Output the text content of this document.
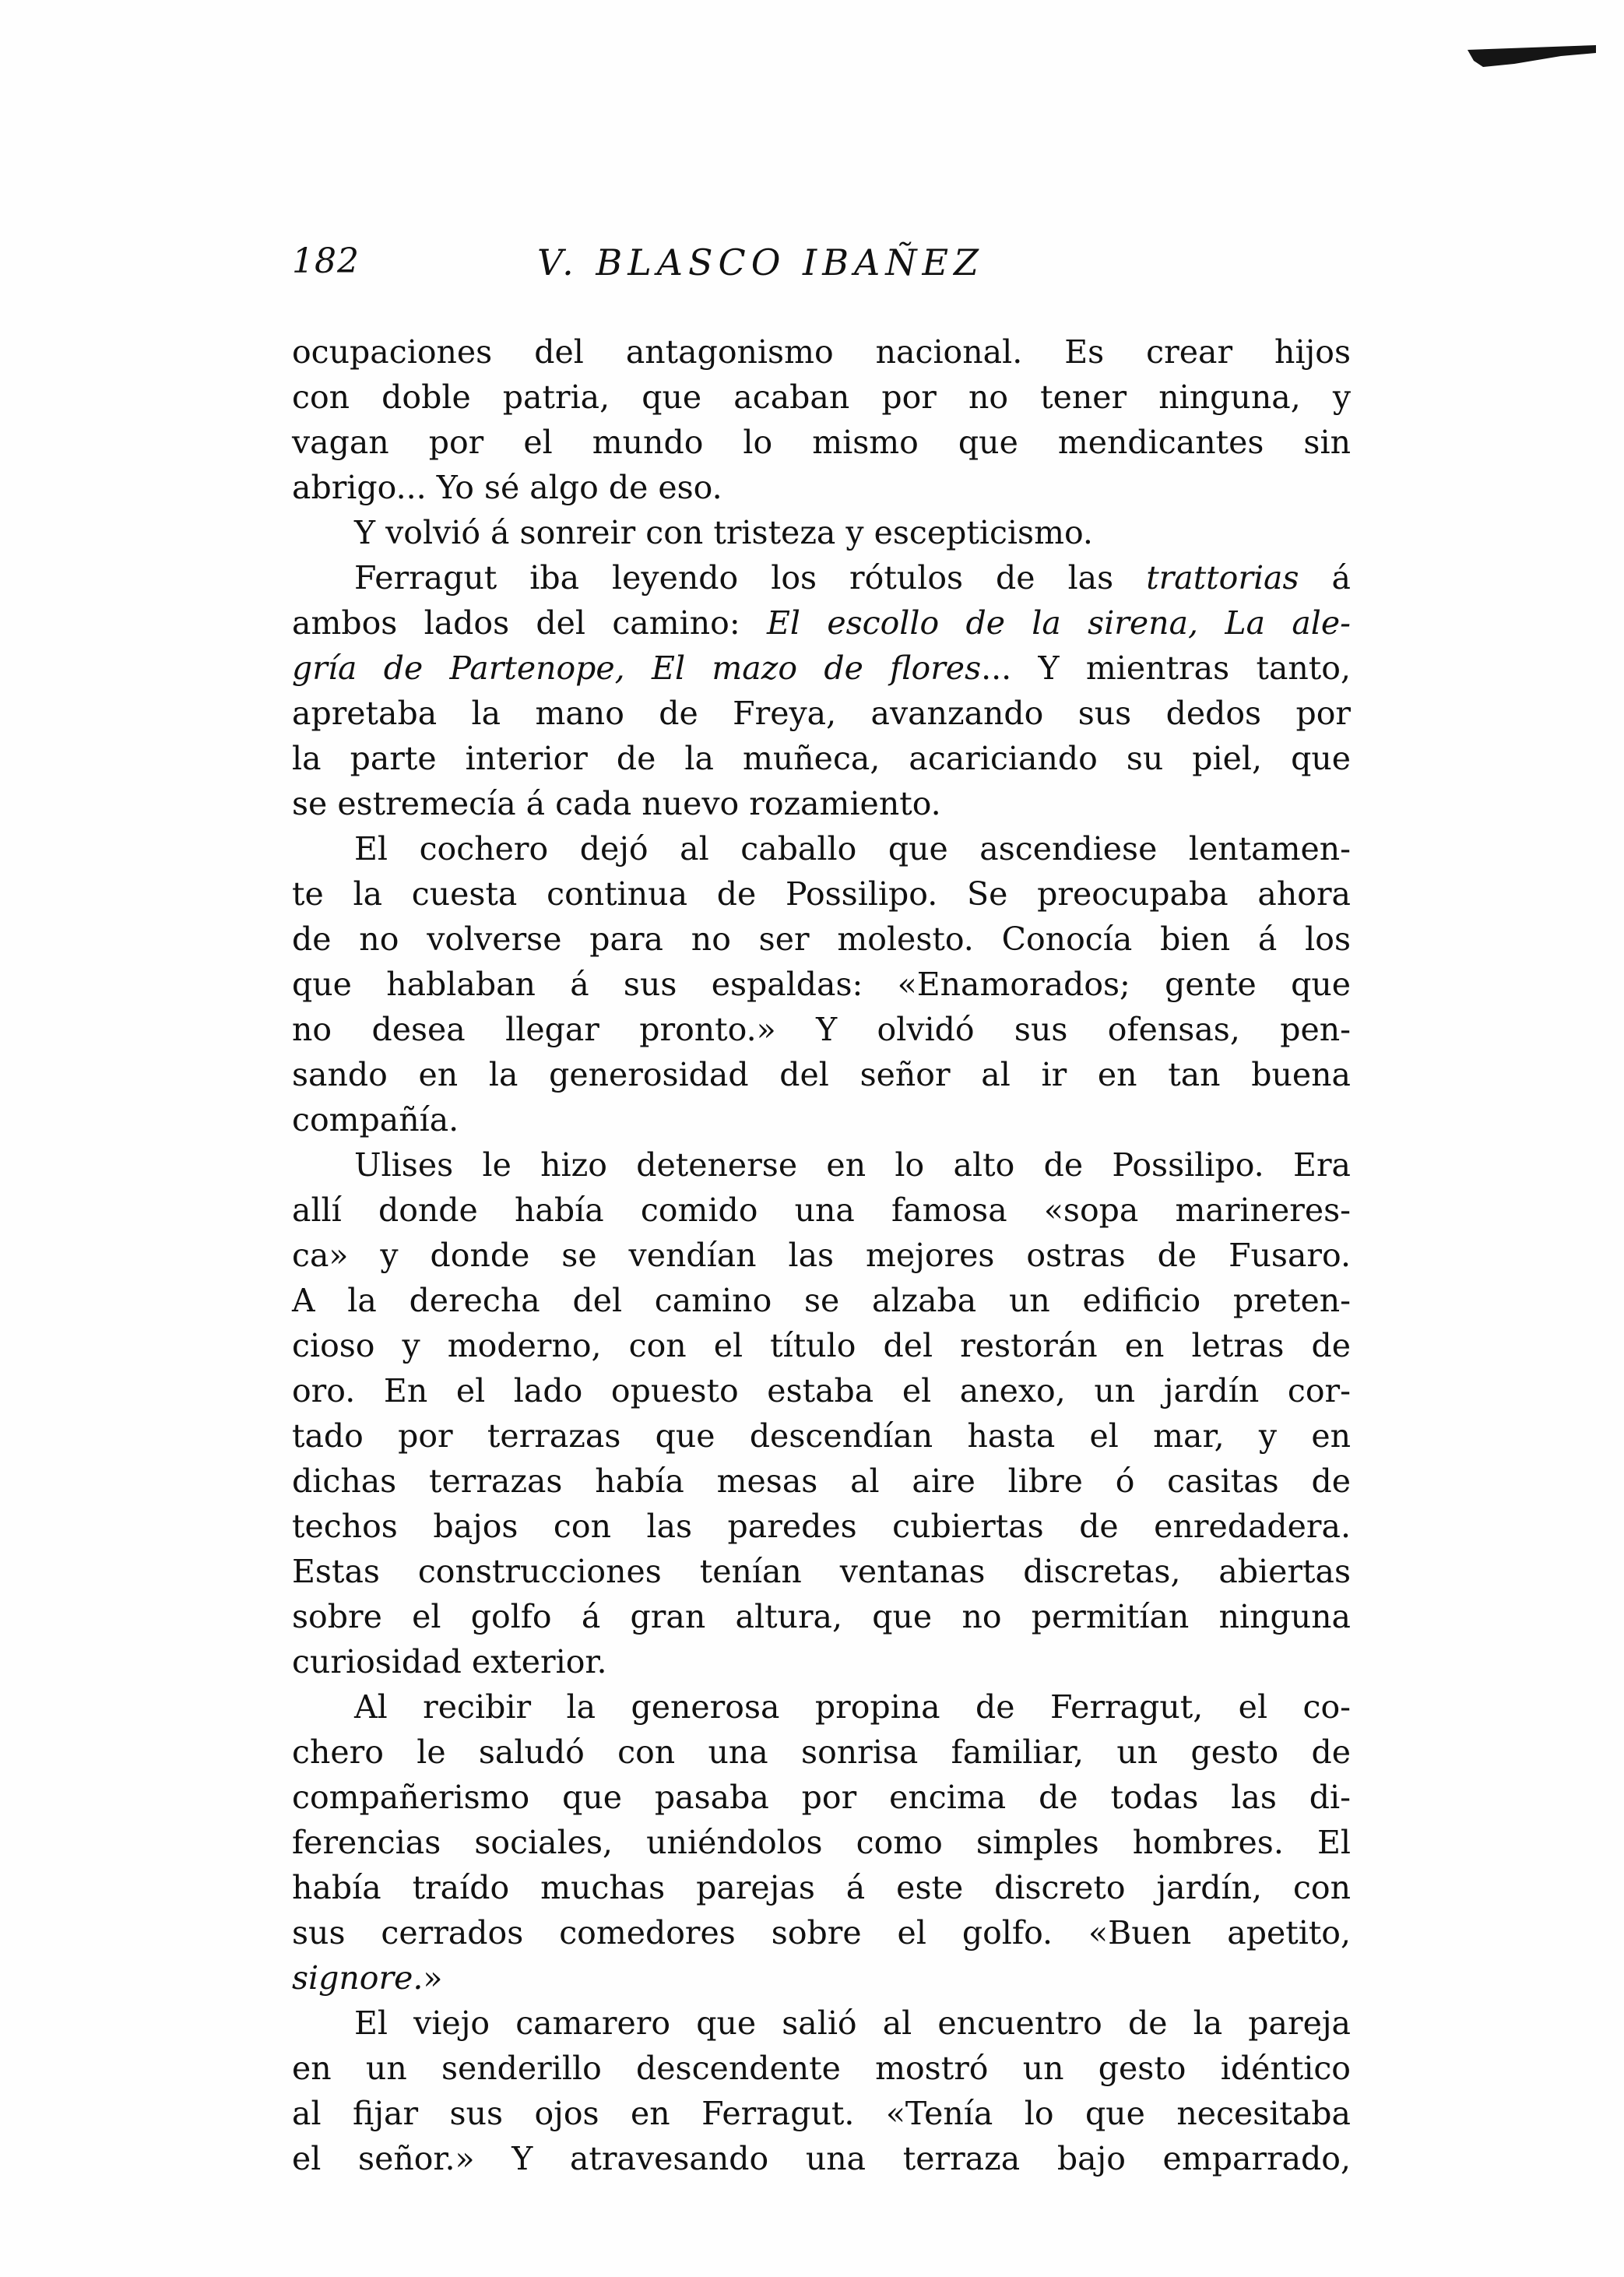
182	V. BLASCO IBAÑEZ
ocupaciones del antagonismo nacional. Es crear hijos
con doble patria, que acaban por no tener ninguna, y
vagan por el mundo lo mismo que mendicantes sin
abrigo... Yo sé algo de eso.
Y volvió á sonreir con tristeza y escepticismo.
Ferragut iba leyendo los rótulos de las trattorias á
ambos lados del camino: El escollo de la sirena, La ale-
gría de Partenope, El mazo de flores... Y mientras tanto,
apretaba la mano de Freya, avanzando sus dedos por
la parte interior de la muñeca, acariciando su piel, que
se estremecía á cada nuevo rozamiento.
El cochero dejó al caballo que ascendiese lentamen-
te la cuesta continua de Possilipo. Se preocupaba ahora
de no volverse para no ser molesto. Conocía bien á los
que hablaban á sus espaldas: «Enamorados; gente que
no desea llegar pronto.» Y olvidó sus ofensas, pen-
sando en la generosidad del señor al ir en tan buena
compañía.
Ulises le hizo detenerse en lo alto de Possilipo. Era
allí donde había comido una famosa «sopa marineres-
ca» y donde se vendían las mejores ostras de Fusaro.
A la derecha del camino se alzaba un edificio preten-
cioso y moderno, con el título del restorán en letras de
oro. En el lado opuesto estaba el anexo, un jardín cor-
tado por terrazas que descendían hasta el mar, y en
dichas terrazas había mesas al aire libre ó casitas de
techos bajos con las paredes cubiertas de enredadera.
Estas construcciones tenían ventanas discretas, abiertas
sobre el golfo á gran altura, que no permitían ninguna
curiosidad exterior.
Al recibir la generosa propina de Ferragut, el co-
chero le saludó con una sonrisa familiar, un gesto de
compañerismo que pasaba por encima de todas las di-
ferencias sociales, uniéndolos como simples hombres. El
había traído muchas parejas á este discreto jardín, con
sus cerrados comedores sobre el golfo. «Buen apetito,
signore.»
El viejo camarero que salió al encuentro de la pareja
en un senderillo descendente mostró un gesto idéntico
al fijar sus ojos en Ferragut. «Tenía lo que necesitaba
el señor.» Y atravesando una terraza bajo emparrado,
